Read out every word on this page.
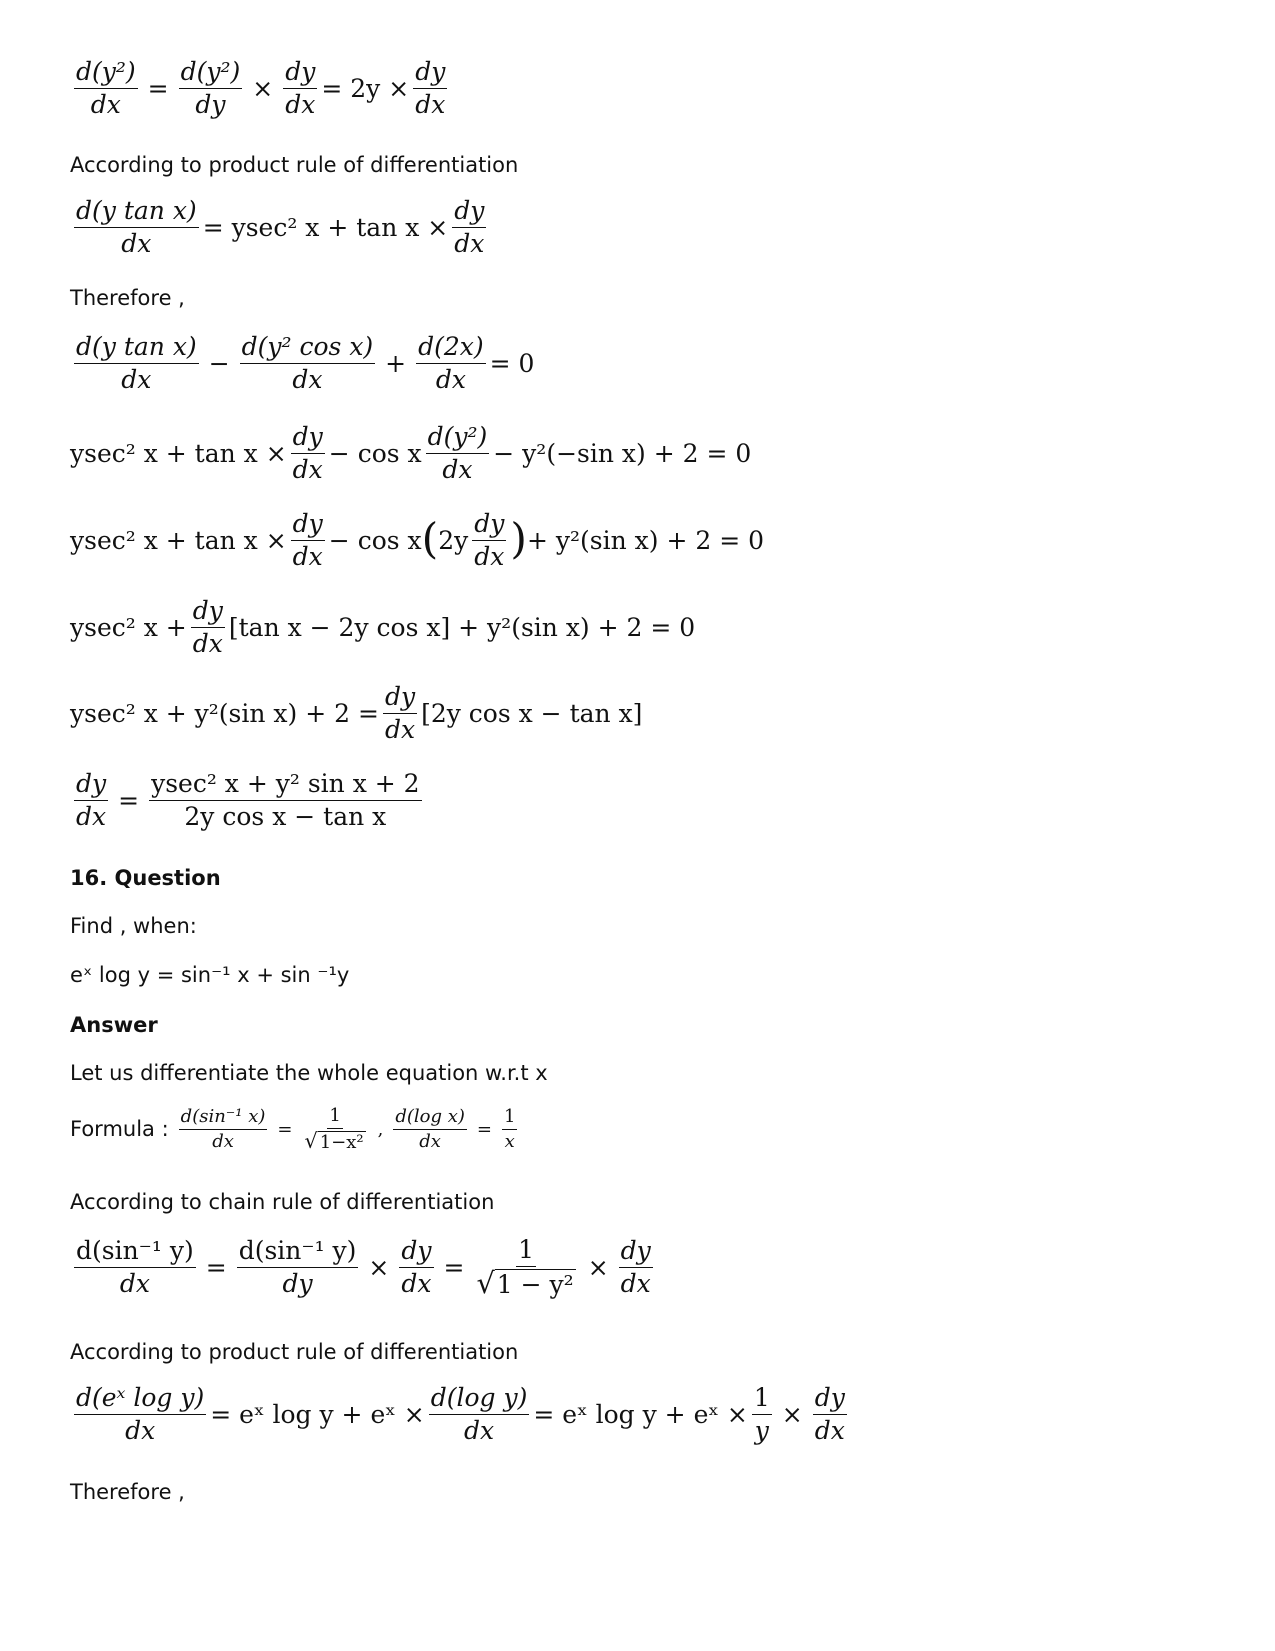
$\frac{\text{d(y²)}}{dx} = \frac{\text{d(y²)}}{dy} \times \frac{dy}{dx} = 2y \times \frac{dy}{dx}$
According to product rule of differentiation
$\frac{\text{d(y tan x)}}{dx} = ysec^2$ $x + \tan x \times \frac{dy}{dx}$
Therefore ,
$\frac{\text{d(y tan x)}}{dx} - \frac{\text{d(y² cos x)}}{dx} + \frac{d(2x)}{dx} = 0$
ysec² $x + \tan x \times \frac{dy}{dx} - \cos x \frac{\text{d(y²)}}{dx} - y^2(-\sin$ x) + 2 = 0
ysec² $x + \tan x \times \frac{dy}{dx} - \cos x$ ( $2y \frac{dy}{dx}$ ) + y²(sin x) + 2 = 0
ysec² $x + \frac{dy}{dx} [\tan$ x − 2y cos x] + y²(sin x) + 2 = 0
ysec² x + y²(sin $x) + 2 = \frac{dy}{dx} [2y$ cos x − tan x]
$\frac{dy}{dx}$ =
ysec² x + y² sin x + 2
2y cos x − tan x
16. Question
Find , when:
eˣ log y = sin⁻¹ x + sin ⁻¹y
Answer
Let us differentiate the whole equation w.r.t x
Formula : $\frac{\text{d(sin⁻¹ x)}}{dx} = \frac{1}{\text{√ 1−x²}}$ , $\frac{\text{d(log x)}}{dx} = \frac{1}{x}$
According to chain rule of differentiation
$\frac{\text{d(sin⁻¹ y)}}{dx} = \frac{\text{d(sin⁻¹ y)}}{dy} \times \frac{dy}{dx} = \frac{1}{\text{√1 − y²}} \times \frac{dy}{dx}$
According to product rule of differentiation
$\frac{\text{d(eˣ log y)}}{dx}$ = eˣ log y + eˣ × $\frac{\text{d(log y)}}{dx}$ = eˣ log y + eˣ × $\frac{1}{y} \times \frac{dy}{dx}$
Therefore ,
